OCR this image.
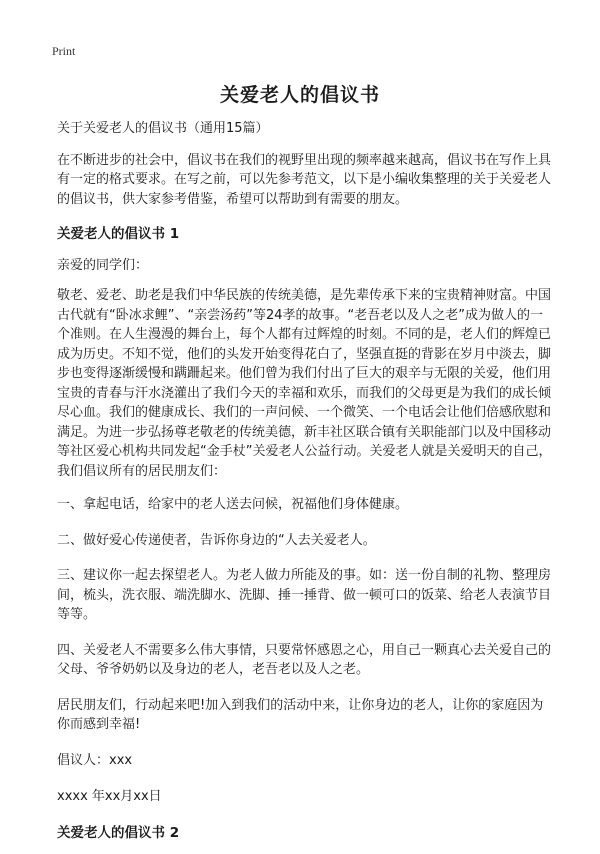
Print
关爱老人的倡议书

关于关爱老人的倡议书（通用15篇）

在不断进步的社会中，倡议书在我们的视野里出现的频率越来越高，倡议书在写作上具有一定的格式要求。在写之前，可以先参考范文，以下是小编收集整理的关于关爱老人的倡议书，供大家参考借鉴，希望可以帮助到有需要的朋友。

关爱老人的倡议书 1

亲爱的同学们：

敬老、爱老、助老是我们中华民族的传统美德，是先辈传承下来的宝贵精神财富。中国古代就有“卧冰求鲤”、“亲尝汤药”等24孝的故事。“老吾老以及人之老”成为做人的一个准则。在人生漫漫的舞台上，每个人都有过辉煌的时刻。不同的是，老人们的辉煌已成为历史。不知不觉，他们的头发开始变得花白了，坚强直挺的背影在岁月中淡去，脚步也变得逐渐缓慢和蹒跚起来。他们曾为我们付出了巨大的艰辛与无限的关爱，他们用宝贵的青春与汗水浇灌出了我们今天的幸福和欢乐，而我们的父母更是为我们的成长倾尽心血。我们的健康成长、我们的一声问候、一个微笑、一个电话会让他们倍感欣慰和满足。为进一步弘扬尊老敬老的传统美德，新丰社区联合镇有关职能部门以及中国移动等社区爱心机构共同发起“金手杖”关爱老人公益行动。关爱老人就是关爱明天的自己，我们倡议所有的居民朋友们：

一、拿起电话，给家中的老人送去问候，祝福他们身体健康。

二、做好爱心传递使者，告诉你身边的“人去关爱老人。

三、建议你一起去探望老人。为老人做力所能及的事。如：送一份自制的礼物、整理房间，梳头，洗衣服、端洗脚水、洗脚、捶一捶背、做一顿可口的饭菜、给老人表演节目等等。

四、关爱老人不需要多么伟大事情，只要常怀感恩之心，用自己一颗真心去关爱自己的父母、爷爷奶奶以及身边的老人，老吾老以及人之老。

居民朋友们，行动起来吧!加入到我们的活动中来，让你身边的老人，让你的家庭因为你而感到幸福!

倡议人：xxx

xxxx 年xx月xx日

关爱老人的倡议书 2
